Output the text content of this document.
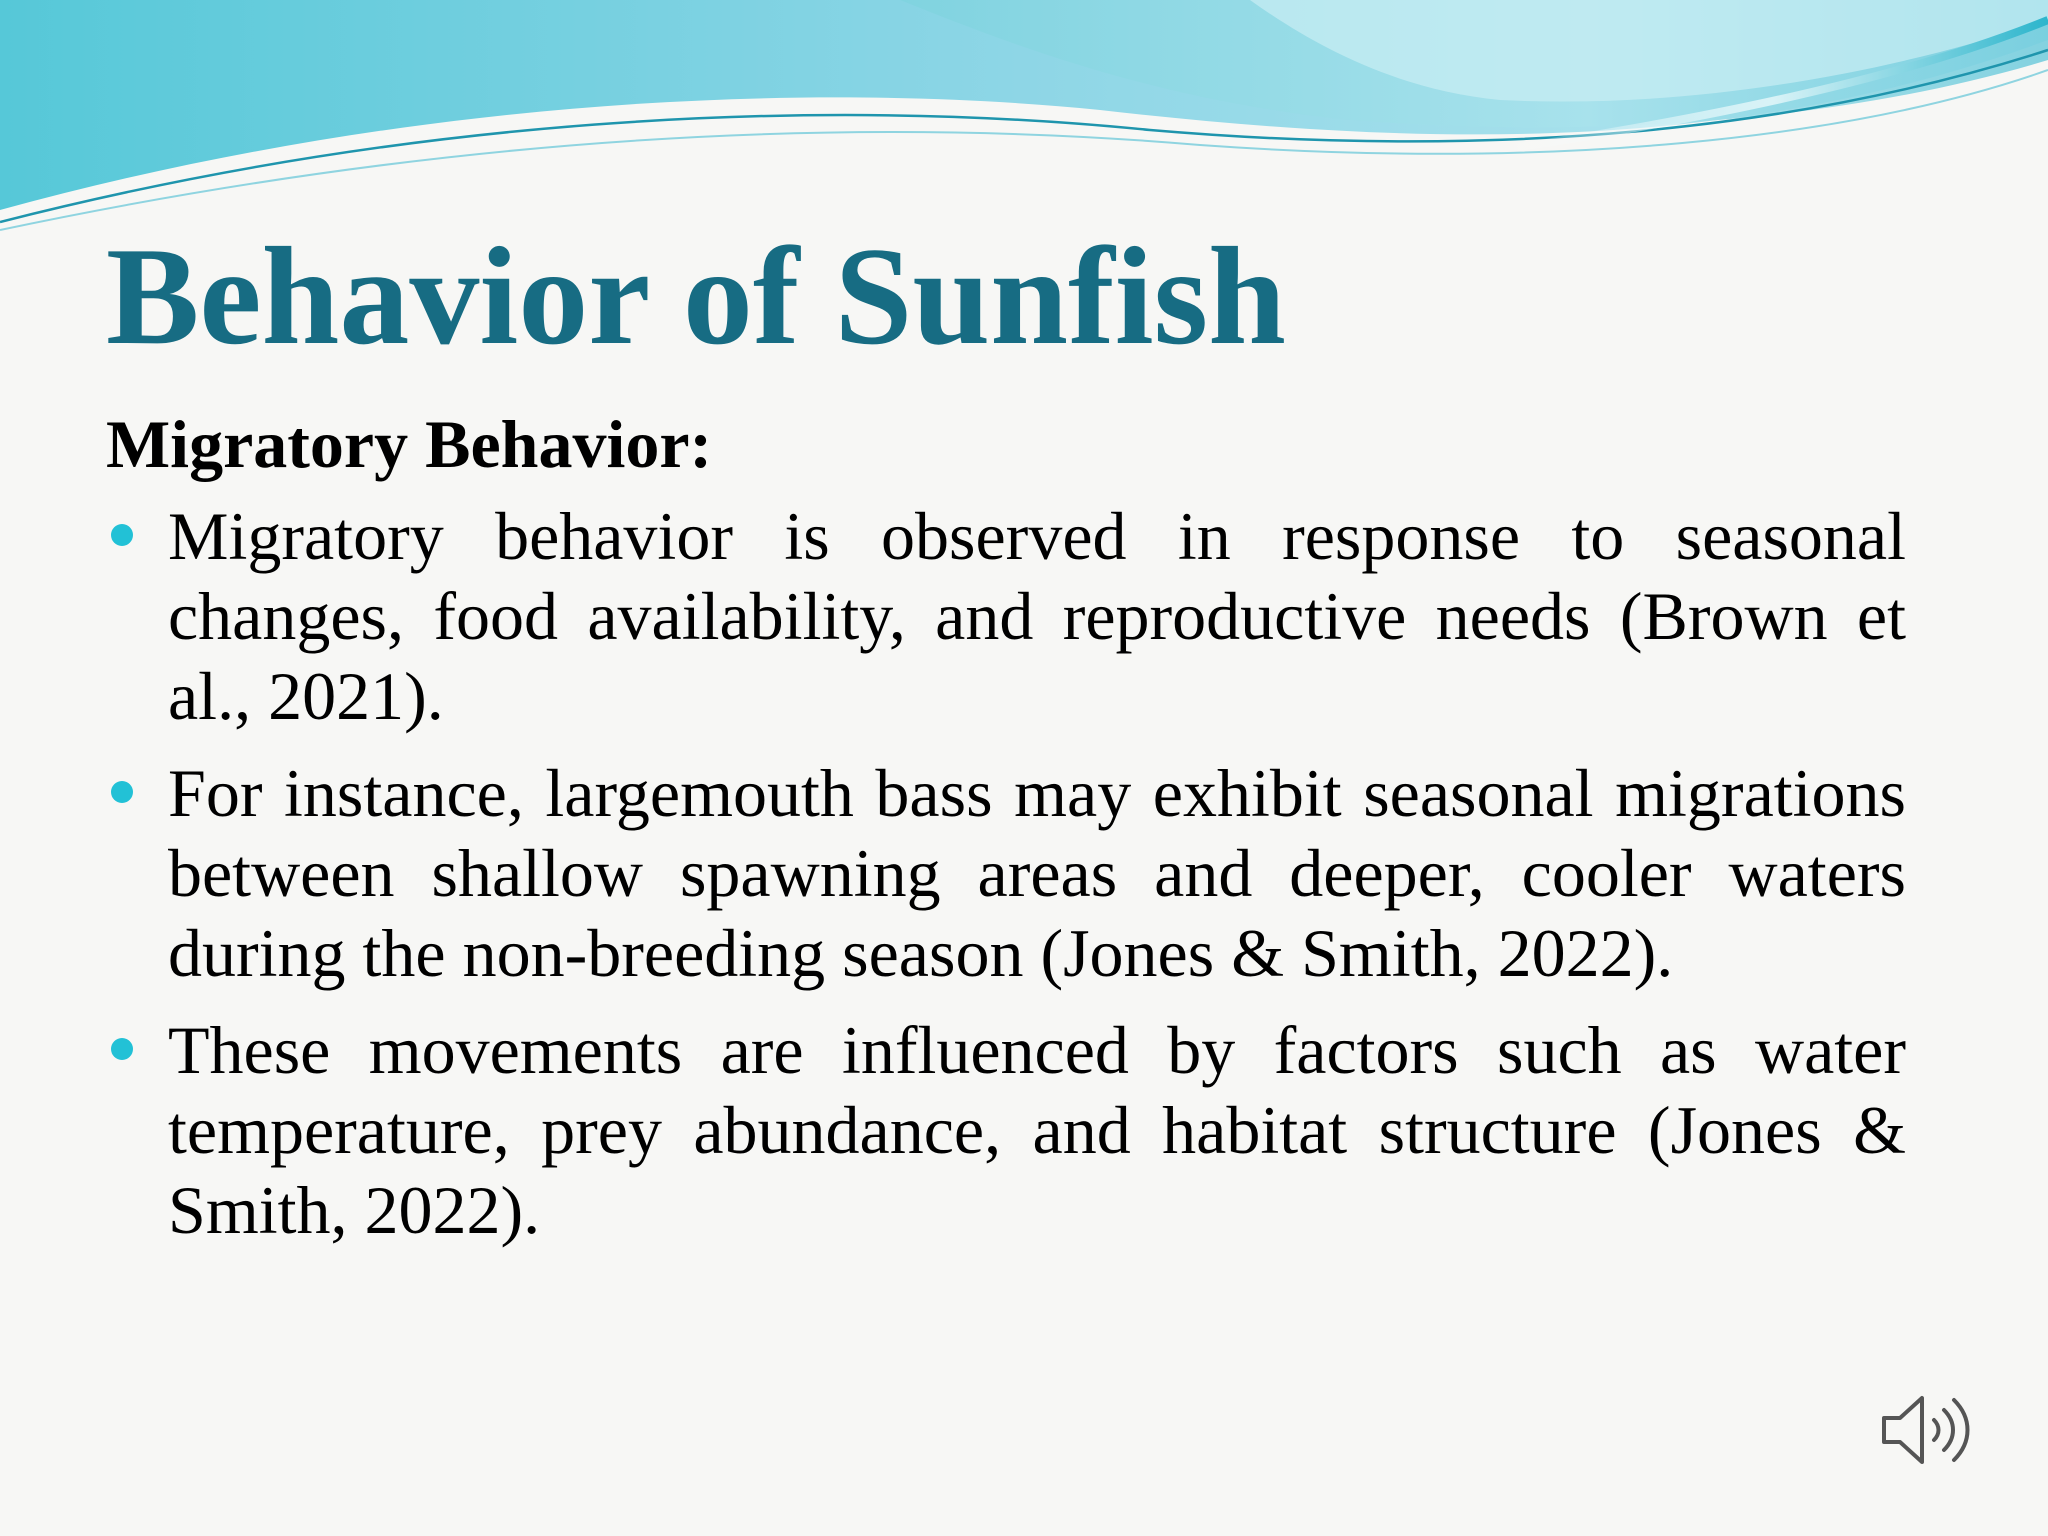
Behavior of Sunfish
Migratory Behavior:
Migratory behavior is observed in response to seasonal changes, food availability, and reproductive needs (Brown et al., 2021).
For instance, largemouth bass may exhibit seasonal migrations between shallow spawning areas and deeper, cooler waters during the non-breeding season (Jones & Smith, 2022).
These movements are influenced by factors such as water temperature, prey abundance, and habitat structure (Jones & Smith, 2022).
